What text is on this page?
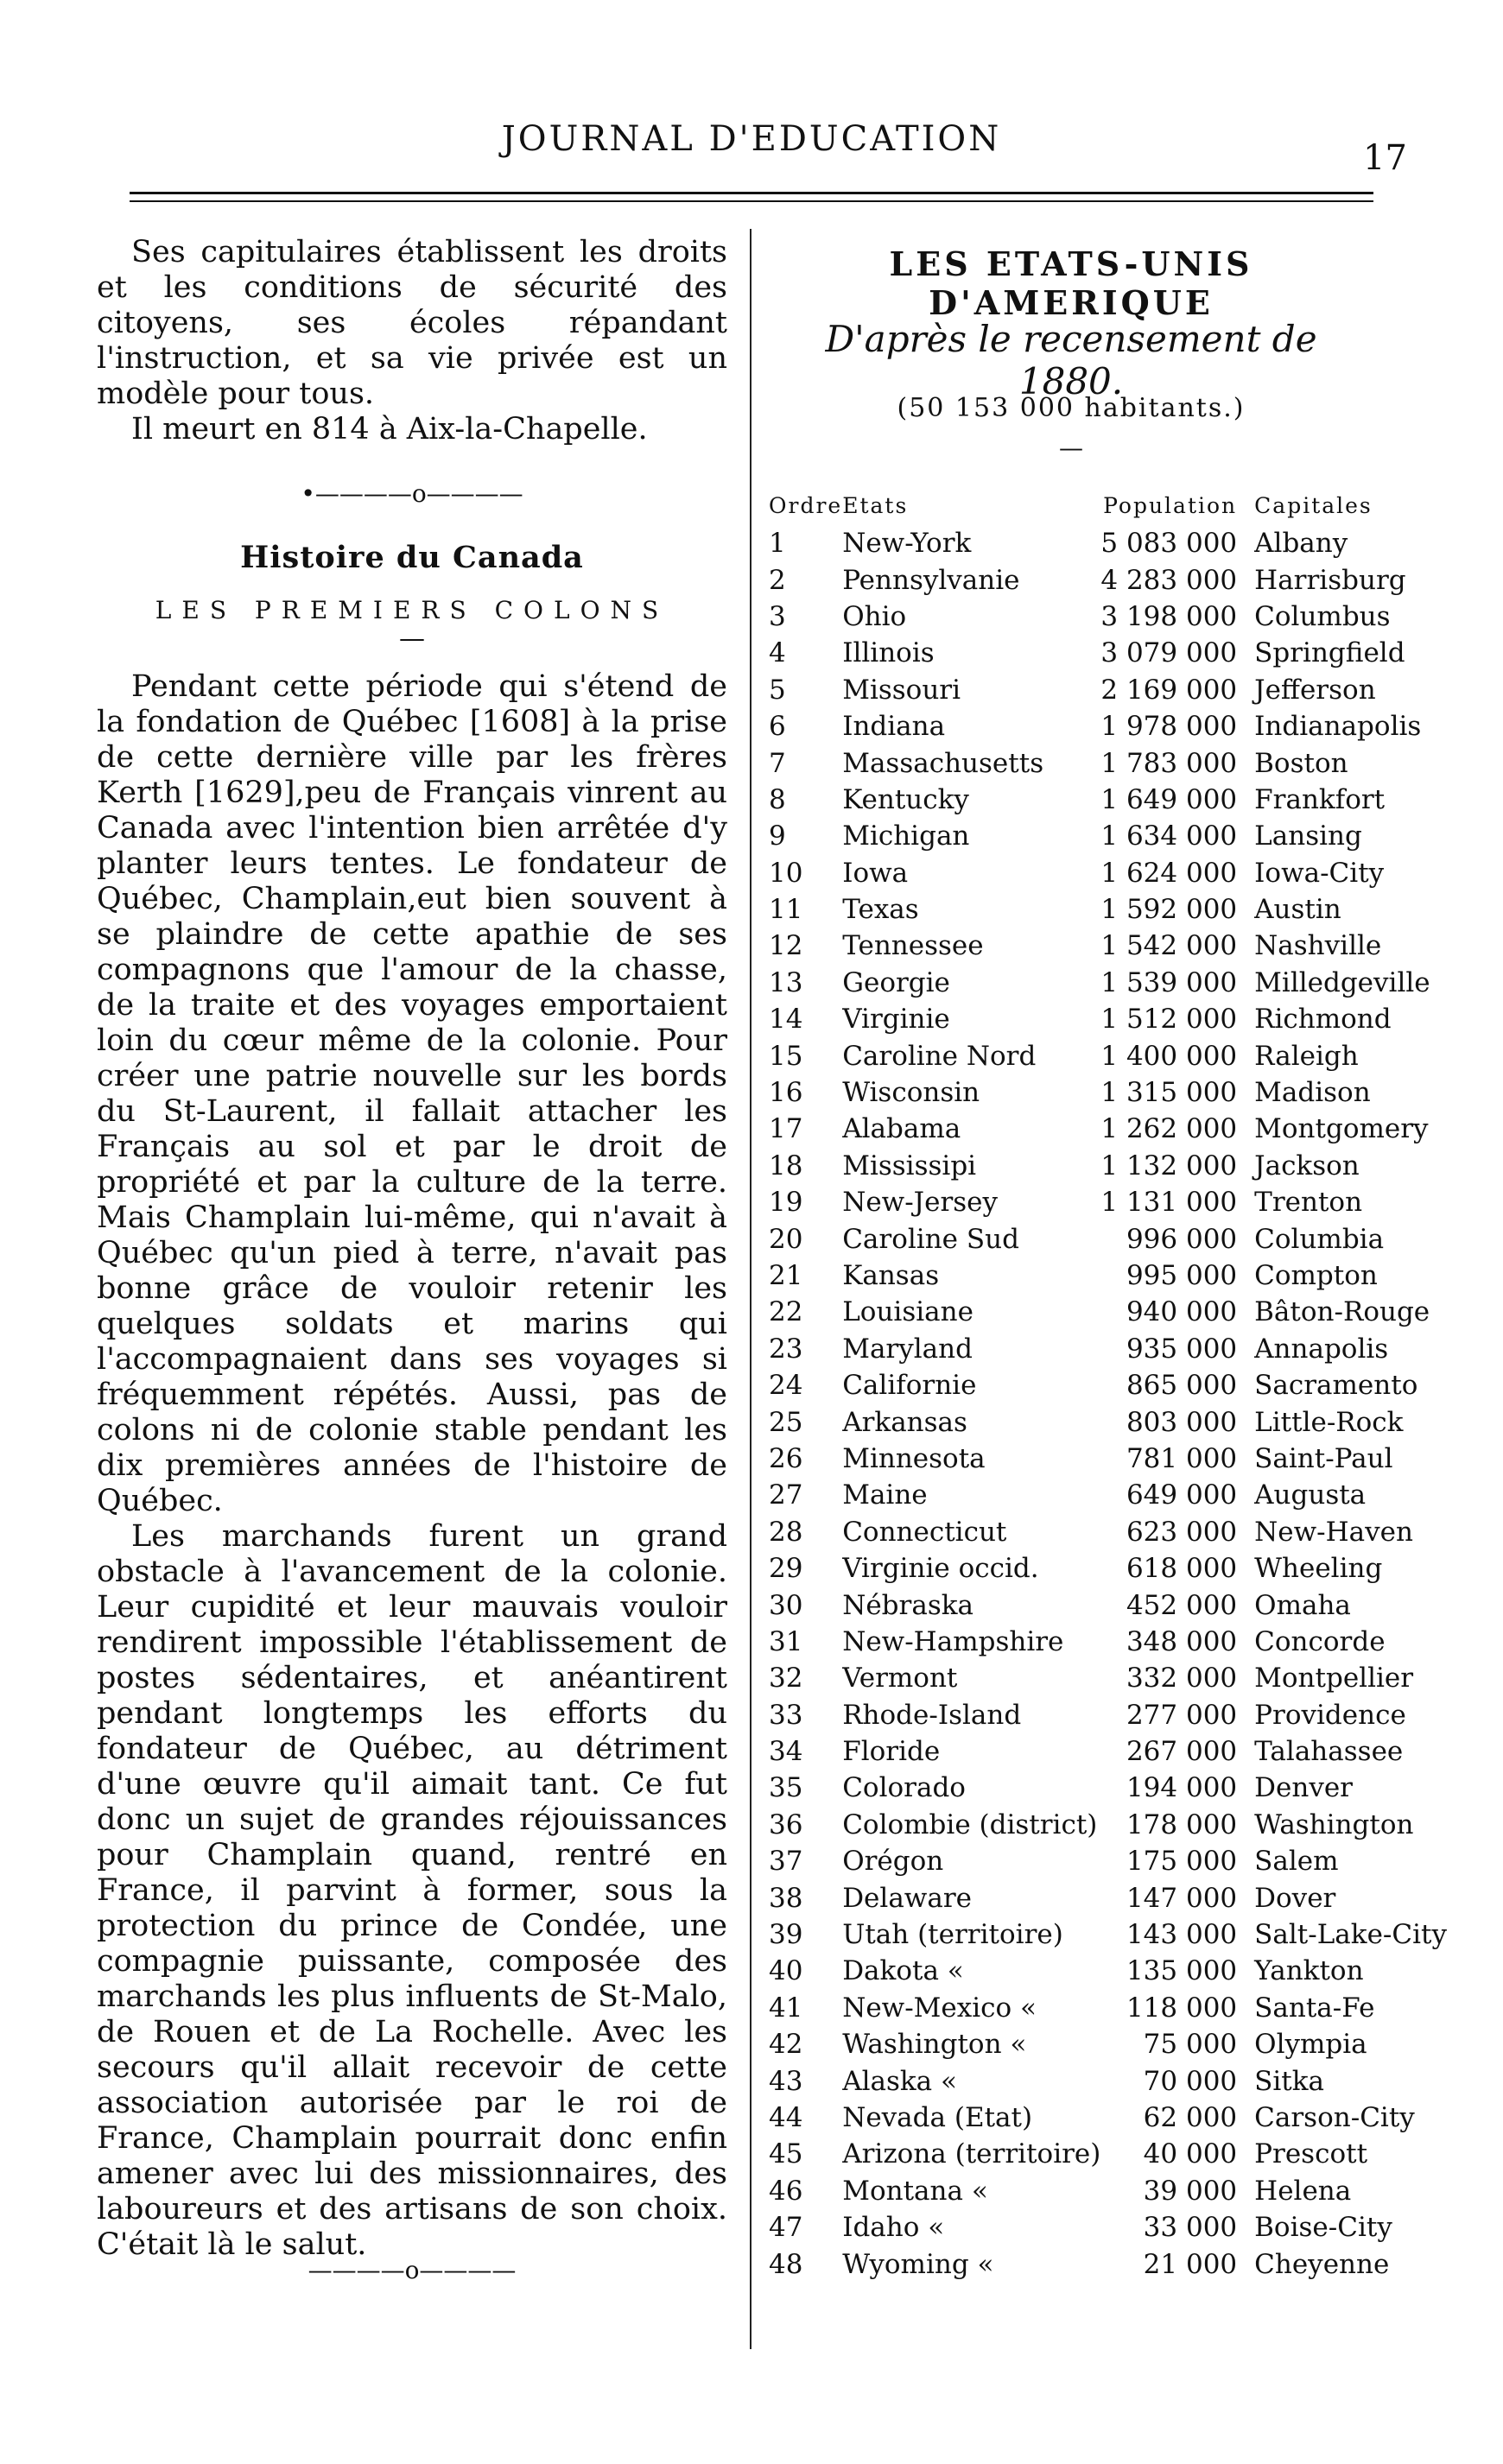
JOURNAL D'EDUCATION	17

Ses capitulaires établissent les droits et les conditions de sécurité des citoyens, ses écoles répandant l'instruction, et sa vie privée est un modèle pour tous.

Il meurt en 814 à Aix-la-Chapelle.

•————o————
Histoire du Canada
LES PREMIERS COLONS
—

Pendant cette période qui s'étend de la fondation de Québec [1608] à la prise de cette dernière ville par les frères Kerth [1629],peu de Français vinrent au Canada avec l'intention bien arrêtée d'y planter leurs tentes. Le fondateur de Québec, Champlain,eut bien souvent à se plaindre de cette apathie de ses compagnons que l'amour de la chasse, de la traite et des voyages emportaient loin du cœur même de la colonie. Pour créer une patrie nouvelle sur les bords du St-Laurent, il fallait attacher les Français au sol et par le droit de propriété et par la culture de la terre. Mais Champlain lui-même, qui n'avait à Québec qu'un pied à terre, n'avait pas bonne grâce de vouloir retenir les quelques soldats et marins qui l'accompagnaient dans ses voyages si fréquemment répétés. Aussi, pas de colons ni de colonie stable pendant les dix premières années de l'histoire de Québec.

Les marchands furent un grand obstacle à l'avancement de la colonie. Leur cupidité et leur mauvais vouloir rendirent impossible l'établissement de postes sédentaires, et anéantirent pendant longtemps les efforts du fondateur de Québec, au détriment d'une œuvre qu'il aimait tant. Ce fut donc un sujet de grandes réjouissances pour Champlain quand, rentré en France, il parvint à former, sous la protection du prince de Condée, une compagnie puissante, composée des marchands les plus influents de St-Malo, de Rouen et de La Rochelle. Avec les secours qu'il allait recevoir de cette association autorisée par le roi de France, Champlain pourrait donc enfin amener avec lui des missionnaires, des laboureurs et des artisans de son choix. C'était là le salut.

————o————
LES ETATS-UNIS D'AMERIQUE
D'après le recensement de 1880.
(50 153 000 habitants.)
—
Ordre	Etats	Population	Capitales
1	New-York	5 083 000	Albany
2	Pennsylvanie	4 283 000	Harrisburg
3	Ohio	3 198 000	Columbus
4	Illinois	3 079 000	Springfield
5	Missouri	2 169 000	Jefferson
6	Indiana	1 978 000	Indianapolis
7	Massachusetts	1 783 000	Boston
8	Kentucky	1 649 000	Frankfort
9	Michigan	1 634 000	Lansing
10	Iowa	1 624 000	Iowa-City
11	Texas	1 592 000	Austin
12	Tennessee	1 542 000	Nashville
13	Georgie	1 539 000	Milledgeville
14	Virginie	1 512 000	Richmond
15	Caroline Nord	1 400 000	Raleigh
16	Wisconsin	1 315 000	Madison
17	Alabama	1 262 000	Montgomery
18	Mississipi	1 132 000	Jackson
19	New-Jersey	1 131 000	Trenton
20	Caroline Sud	996 000	Columbia
21	Kansas	995 000	Compton
22	Louisiane	940 000	Bâton-Rouge
23	Maryland	935 000	Annapolis
24	Californie	865 000	Sacramento
25	Arkansas	803 000	Little-Rock
26	Minnesota	781 000	Saint-Paul
27	Maine	649 000	Augusta
28	Connecticut	623 000	New-Haven
29	Virginie occid.	618 000	Wheeling
30	Nébraska	452 000	Omaha
31	New-Hampshire	348 000	Concorde
32	Vermont	332 000	Montpellier
33	Rhode-Island	277 000	Providence
34	Floride	267 000	Talahassee
35	Colorado	194 000	Denver
36	Colombie (district)	178 000	Washington
37	Orégon	175 000	Salem
38	Delaware	147 000	Dover
39	Utah (territoire)	143 000	Salt-Lake-City
40	Dakota «	135 000	Yankton
41	New-Mexico «	118 000	Santa-Fe
42	Washington «	75 000	Olympia
43	Alaska «	70 000	Sitka
44	Nevada (Etat)	62 000	Carson-City
45	Arizona (territoire)	40 000	Prescott
46	Montana «	39 000	Helena
47	Idaho «	33 000	Boise-City
48	Wyoming «	21 000	Cheyenne
